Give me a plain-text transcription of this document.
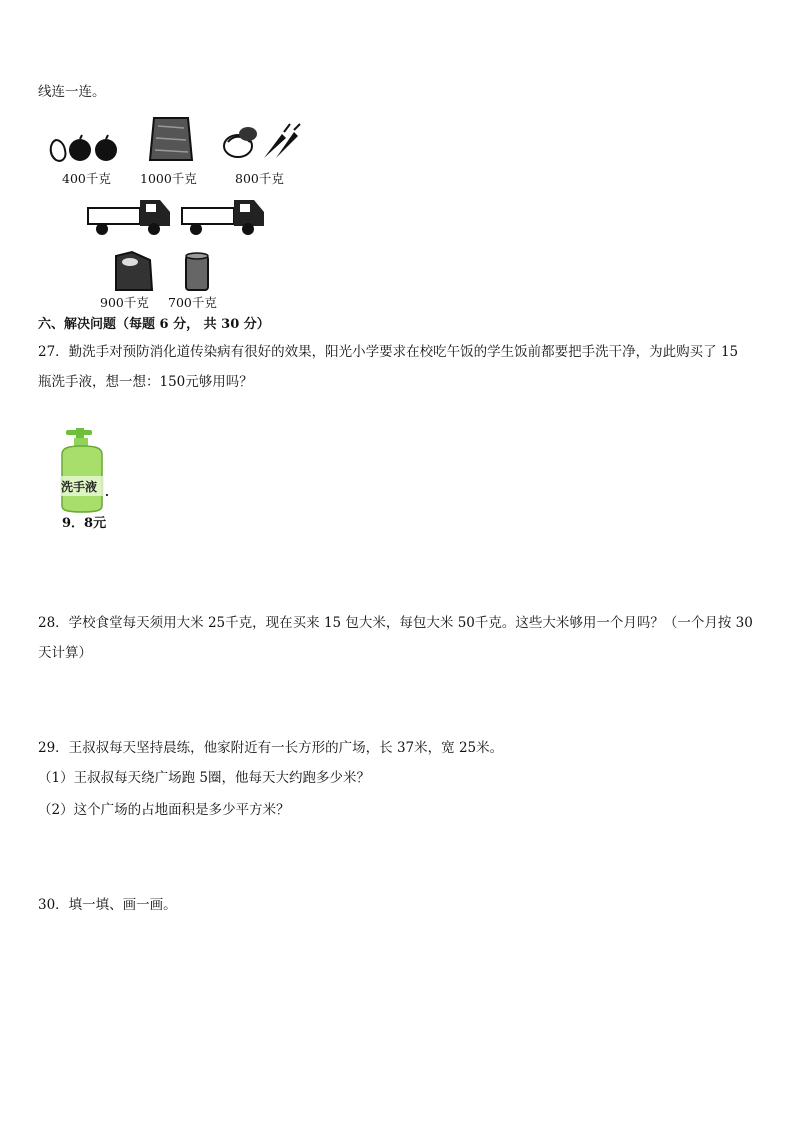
线连一连。
400千克 1000千克	800千克
900千克 700千克
六、解决问题（每题 6 分， 共 30 分）
27．勤洗手对预防消化道传染病有很好的效果，阳光小学要求在校吃午饭的学生饭前都要把手洗干净，为此购买了 15
瓶洗手液，想一想：150元够用吗？
洗手液
9．8元
28．学校食堂每天须用大米 25千克，现在买来 15 包大米，每包大米 50千克。这些大米够用一个月吗？（一个月按 30
天计算）
29．王叔叔每天坚持晨练，他家附近有一长方形的广场，长 37米，宽 25米。
（1）王叔叔每天绕广场跑 5圈，他每天大约跑多少米？
（2）这个广场的占地面积是多少平方米？
30．填一填、画一画。
